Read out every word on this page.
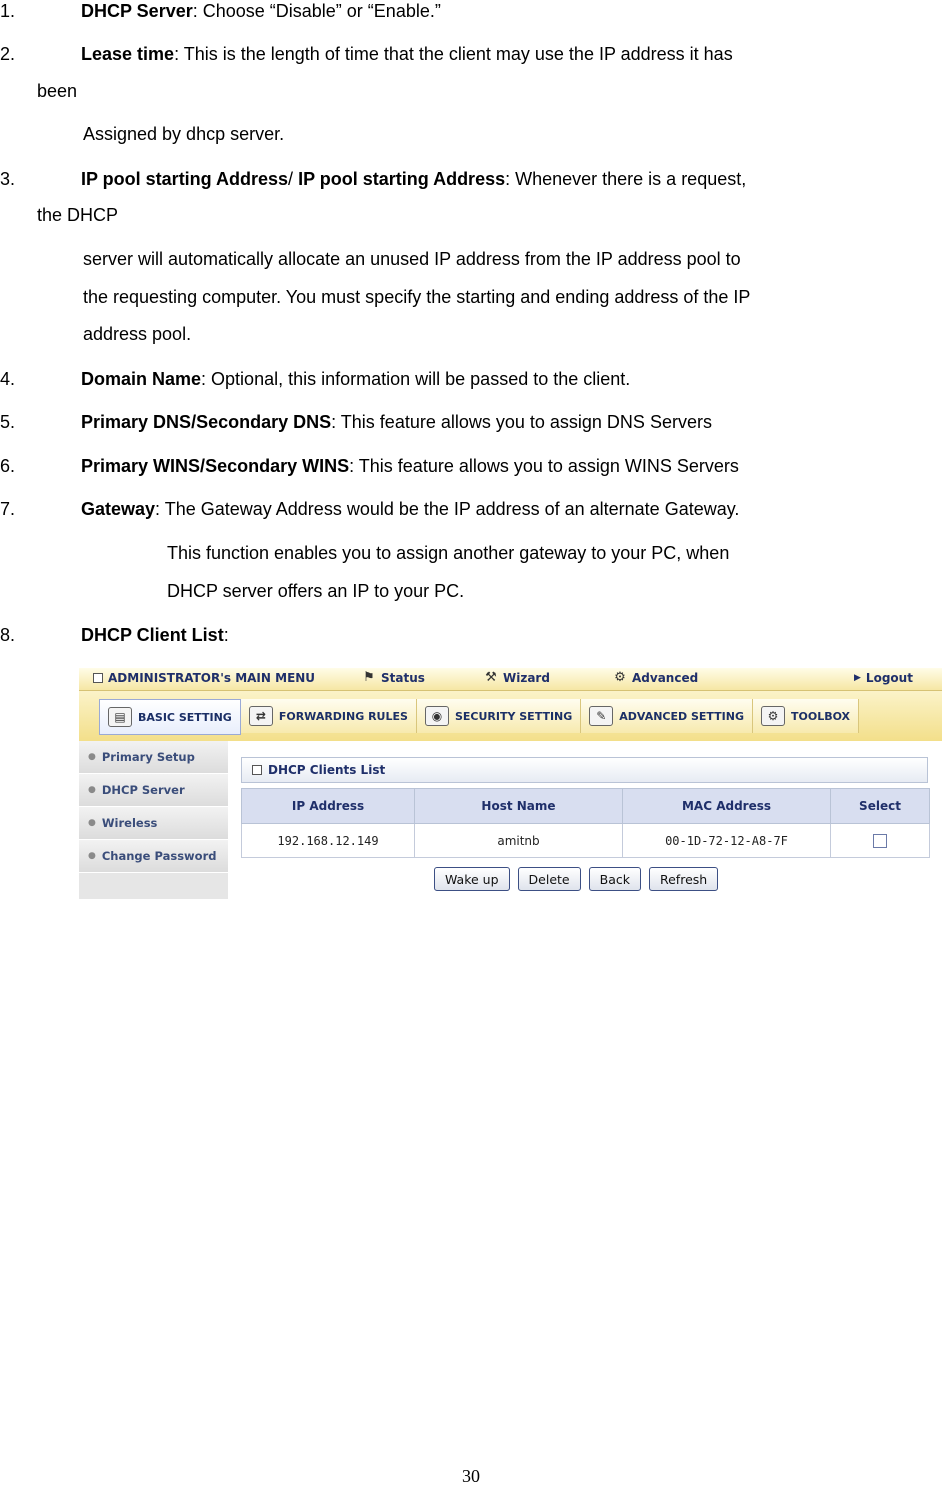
1.	DHCP Server: Choose “Disable” or “Enable.”
2.	Lease time: This is the length of time that the client may use the IP address it has
been
Assigned by dhcp server.
3.	IP pool starting Address/ IP pool starting Address: Whenever there is a request,
the DHCP
server will automatically allocate an unused IP address from the IP address pool to
the requesting computer. You must specify the starting and ending address of the IP
address pool.
4.	Domain Name: Optional, this information will be passed to the client.
5.	Primary DNS/Secondary DNS: This feature allows you to assign DNS Servers
6.	Primary WINS/Secondary WINS: This feature allows you to assign WINS Servers
7.	Gateway: The Gateway Address would be the IP address of an alternate Gateway.
This function enables you to assign another gateway to your PC, when
DHCP server offers an IP to your PC.
8.	DHCP Client List:
ADMINISTRATOR's MAIN MENU	⚑ Status	⚒ Wizard	⚙ Advanced	▶ Logout
▤	BASIC SETTING	⇄	FORWARDING RULES	◉	SECURITY SETTING	✎	ADVANCED SETTING	⚙	TOOLBOX
● Primary Setup
● DHCP Server
● Wireless
● Change Password
DHCP Clients List
IP Address	Host Name	MAC Address	Select
192.168.12.149	amitnb	00-1D-72-12-A8-7F	
Wake up	Delete	Back	Refresh
30
